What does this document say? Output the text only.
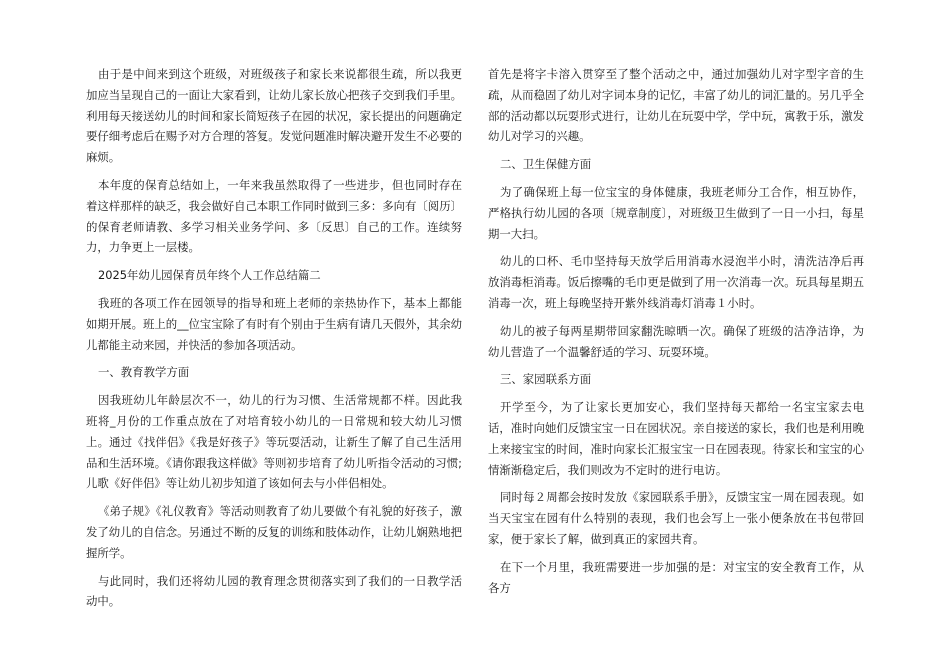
由于是中间来到这个班级，对班级孩子和家长来说都很生疏，所以我更加应当呈现自己的一面让大家看到，让幼儿家长放心把孩子交到我们手里。利用每天接送幼儿的时间和家长简短孩子在园的状况，家长提出的问题确定要仔细考虑后在赐予对方合理的答复。发觉问题准时解决避开发生不必要的麻烦。

本年度的保育总结如上，一年来我虽然取得了一些进步，但也同时存在着这样那样的缺乏，我会做好自己本职工作同时做到三多：多向有〔阅历〕的保育老师请教、多学习相关业务学问、多〔反思〕自己的工作。连续努力，力争更上一层楼。

2025年幼儿园保育员年终个人工作总结篇二

我班的各项工作在园领导的指导和班上老师的亲热协作下，基本上都能如期开展。班上的__位宝宝除了有时有个别由于生病有请几天假外，其余幼儿都能主动来园，并快活的参加各项活动。

一、教育教学方面

因我班幼儿年龄层次不一，幼儿的行为习惯、生活常规都不样。因此我班将_月份的工作重点放在了对培育较小幼儿的一日常规和较大幼儿习惯上。通过《找伴侣》《我是好孩子》等玩耍活动，让新生了解了自己生活用品和生活环境。《请你跟我这样做》等则初步培育了幼儿听指令活动的习惯;儿歌《好伴侣》等让幼儿初步知道了该如何去与小伴侣相处。

《弟子规》《礼仪教育》等活动则教育了幼儿要做个有礼貌的好孩子，激发了幼儿的自信念。另通过不断的反复的训练和肢体动作，让幼儿娴熟地把握所学。

与此同时，我们还将幼儿园的教育理念贯彻落实到了我们的一日教学活动中。

首先是将字卡溶入贯穿至了整个活动之中，通过加强幼儿对字型字音的生疏，从而稳固了幼儿对字词本身的记忆，丰富了幼儿的词汇量的。另几乎全部的活动都以玩耍形式进行，让幼儿在玩耍中学，学中玩，寓教于乐，激发幼儿对学习的兴趣。

二、卫生保健方面

为了确保班上每一位宝宝的身体健康，我班老师分工合作，相互协作，严格执行幼儿园的各项〔规章制度〕，对班级卫生做到了一日一小扫，每星期一大扫。

幼儿的口杯、毛巾坚持每天放学后用消毒水浸泡半小时，清洗洁净后再放消毒柜消毒。饭后擦嘴的毛巾更是做到了用一次消毒一次。玩具每星期五消毒一次，班上每晚坚持开紫外线消毒灯消毒１小时。

幼儿的被子每两星期带回家翻洗晾晒一次。确保了班级的洁净洁诤，为幼儿营造了一个温馨舒适的学习、玩耍环境。

三、家园联系方面

开学至今，为了让家长更加安心，我们坚持每天都给一名宝宝家去电话，准时向她们反馈宝宝一日在园状况。亲自接送的家长，我们也是利用晚上来接宝宝的时间，准时向家长汇报宝宝一日在园表现。待家长和宝宝的心情渐渐稳定后，我们则改为不定时的进行电访。

同时每２周都会按时发放《家园联系手册》，反馈宝宝一周在园表现。如当天宝宝在园有什么特别的表现，我们也会写上一张小便条放在书包带回家，便于家长了解，做到真正的家园共育。

在下一个月里，我班需要进一步加强的是：对宝宝的安全教育工作，从各方
